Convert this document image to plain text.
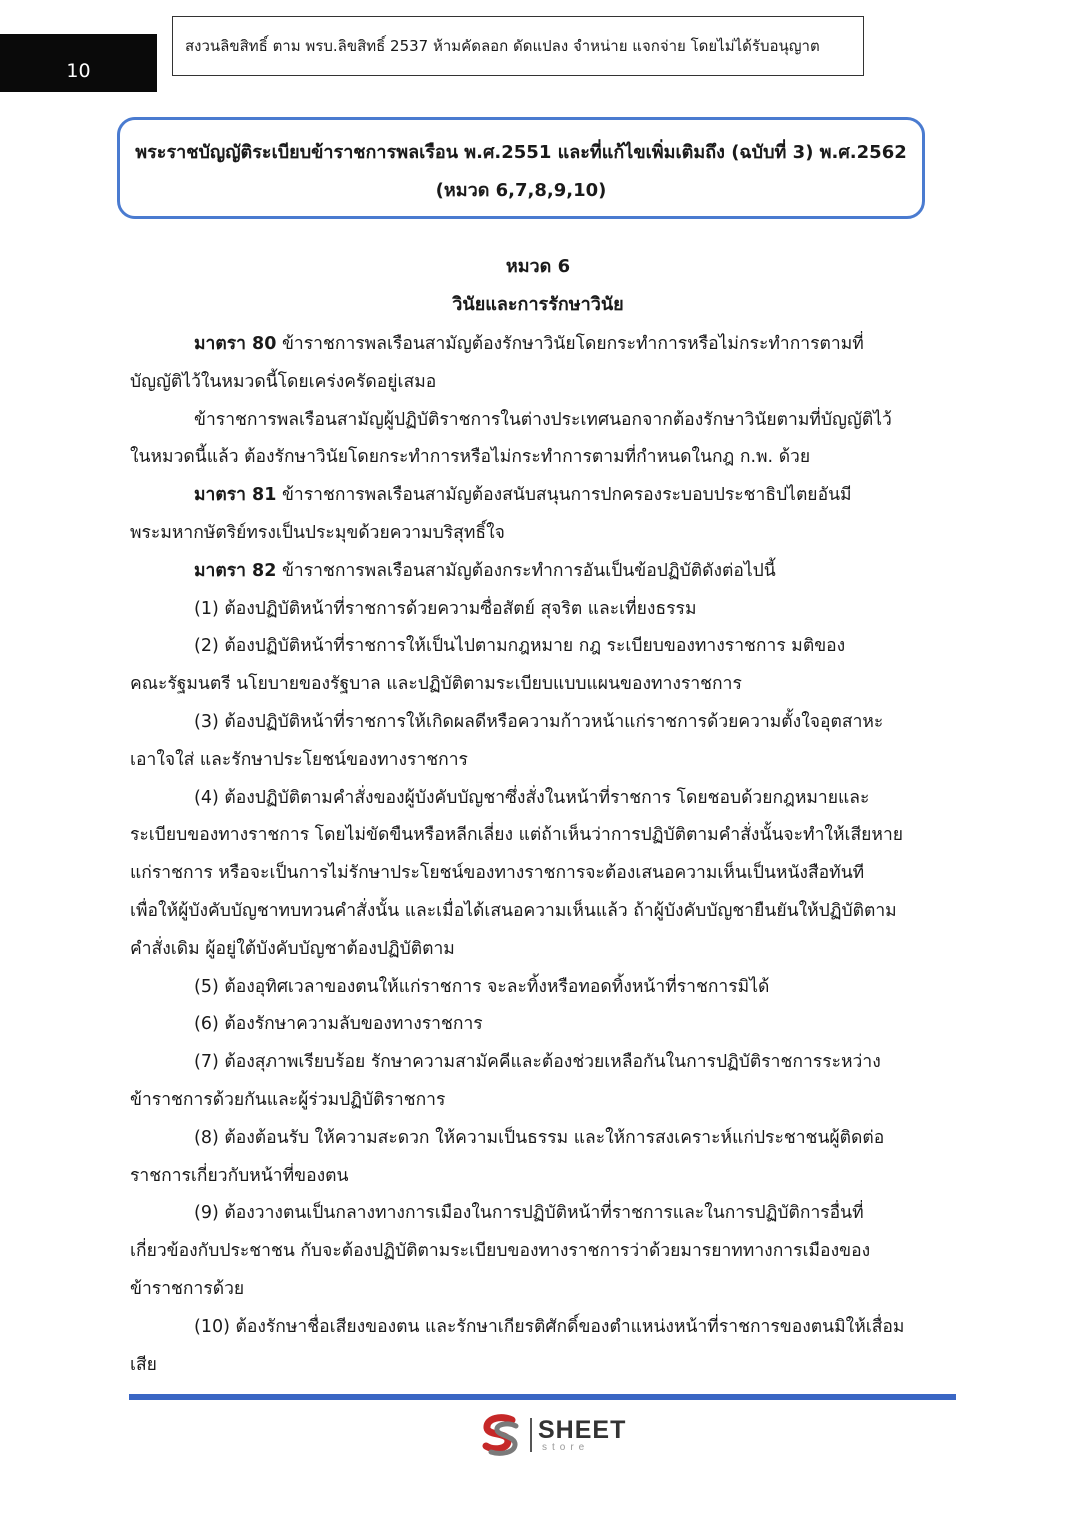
10
สงวนลิขสิทธิ์ ตาม พรบ.ลิขสิทธิ์ 2537 ห้ามคัดลอก ดัดแปลง จำหน่าย แจกจ่าย โดยไม่ได้รับอนุญาต
พระราชบัญญัติระเบียบข้าราชการพลเรือน พ.ศ.2551 และที่แก้ไขเพิ่มเติมถึง (ฉบับที่ 3) พ.ศ.2562
(หมวด 6,7,8,9,10)
หมวด 6
วินัยและการรักษาวินัย
มาตรา 80 ข้าราชการพลเรือนสามัญต้องรักษาวินัยโดยกระทำการหรือไม่กระทำการตามที่
บัญญัติไว้ในหมวดนี้โดยเคร่งครัดอยู่เสมอ
ข้าราชการพลเรือนสามัญผู้ปฏิบัติราชการในต่างประเทศนอกจากต้องรักษาวินัยตามที่บัญญัติไว้
ในหมวดนี้แล้ว ต้องรักษาวินัยโดยกระทำการหรือไม่กระทำการตามที่กำหนดในกฎ ก.พ. ด้วย
มาตรา 81 ข้าราชการพลเรือนสามัญต้องสนับสนุนการปกครองระบอบประชาธิปไตยอันมี
พระมหากษัตริย์ทรงเป็นประมุขด้วยความบริสุทธิ์ใจ
มาตรา 82 ข้าราชการพลเรือนสามัญต้องกระทำการอันเป็นข้อปฏิบัติดังต่อไปนี้
(1) ต้องปฏิบัติหน้าที่ราชการด้วยความซื่อสัตย์ สุจริต และเที่ยงธรรม
(2) ต้องปฏิบัติหน้าที่ราชการให้เป็นไปตามกฎหมาย กฎ ระเบียบของทางราชการ มติของ
คณะรัฐมนตรี นโยบายของรัฐบาล และปฏิบัติตามระเบียบแบบแผนของทางราชการ
(3) ต้องปฏิบัติหน้าที่ราชการให้เกิดผลดีหรือความก้าวหน้าแก่ราชการด้วยความตั้งใจอุตสาหะ
เอาใจใส่ และรักษาประโยชน์ของทางราชการ
(4) ต้องปฏิบัติตามคำสั่งของผู้บังคับบัญชาซึ่งสั่งในหน้าที่ราชการ โดยชอบด้วยกฎหมายและ
ระเบียบของทางราชการ โดยไม่ขัดขืนหรือหลีกเลี่ยง แต่ถ้าเห็นว่าการปฏิบัติตามคำสั่งนั้นจะทำให้เสียหาย
แก่ราชการ หรือจะเป็นการไม่รักษาประโยชน์ของทางราชการจะต้องเสนอความเห็นเป็นหนังสือทันที
เพื่อให้ผู้บังคับบัญชาทบทวนคำสั่งนั้น และเมื่อได้เสนอความเห็นแล้ว ถ้าผู้บังคับบัญชายืนยันให้ปฏิบัติตาม
คำสั่งเดิม ผู้อยู่ใต้บังคับบัญชาต้องปฏิบัติตาม
(5) ต้องอุทิศเวลาของตนให้แก่ราชการ จะละทิ้งหรือทอดทิ้งหน้าที่ราชการมิได้
(6) ต้องรักษาความลับของทางราชการ
(7) ต้องสุภาพเรียบร้อย รักษาความสามัคคีและต้องช่วยเหลือกันในการปฏิบัติราชการระหว่าง
ข้าราชการด้วยกันและผู้ร่วมปฏิบัติราชการ
(8) ต้องต้อนรับ ให้ความสะดวก ให้ความเป็นธรรม และให้การสงเคราะห์แก่ประชาชนผู้ติดต่อ
ราชการเกี่ยวกับหน้าที่ของตน
(9) ต้องวางตนเป็นกลางทางการเมืองในการปฏิบัติหน้าที่ราชการและในการปฏิบัติการอื่นที่
เกี่ยวข้องกับประชาชน กับจะต้องปฏิบัติตามระเบียบของทางราชการว่าด้วยมารยาททางการเมืองของ
ข้าราชการด้วย
(10) ต้องรักษาชื่อเสียงของตน และรักษาเกียรติศักดิ์ของตำแหน่งหน้าที่ราชการของตนมิให้เสื่อม
เสีย
SHEET
store
